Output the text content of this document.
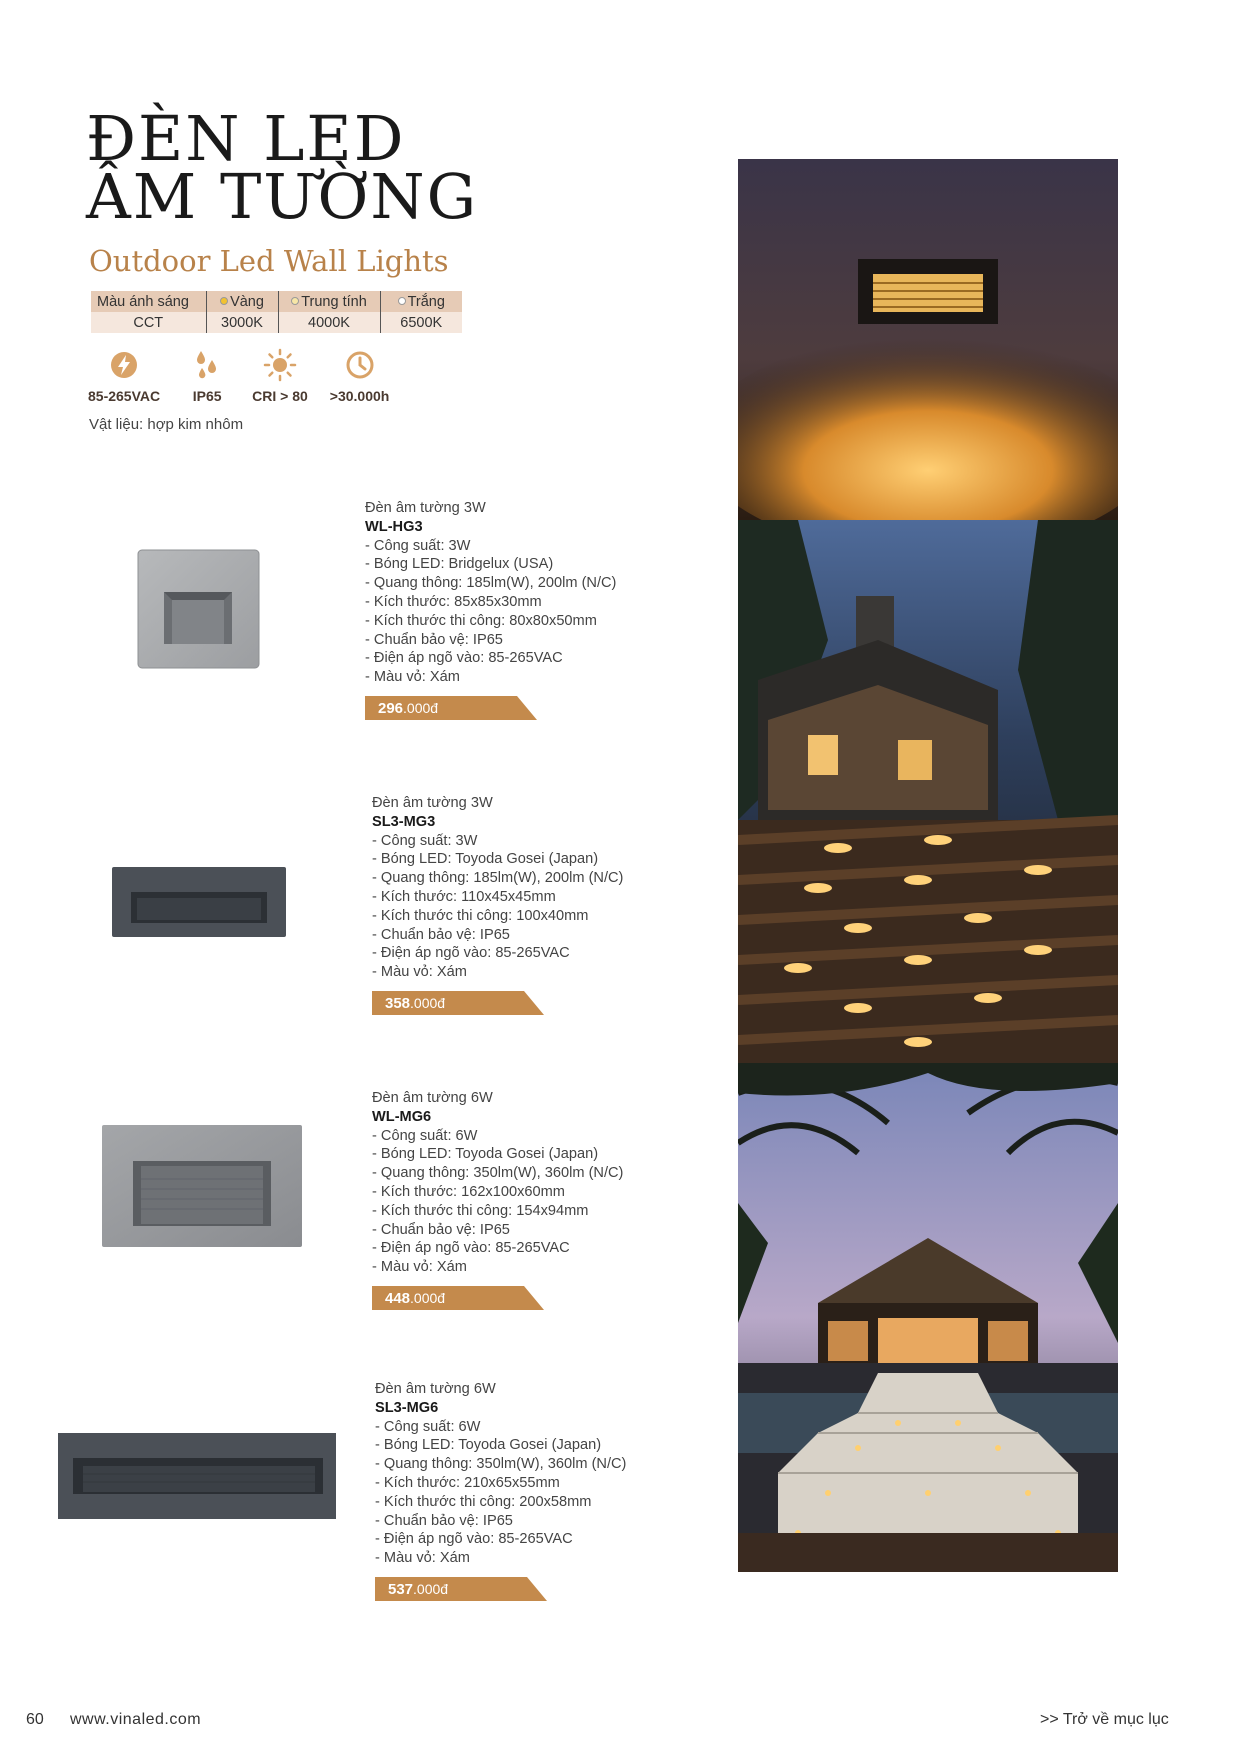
ĐÈN LED
ÂM TƯỜNG
Outdoor Led Wall Lights
Màu ánh sáng	Vàng	Trung tính	Trắng
CCT	3000K	4000K	6500K
85-265VAC IP65 CRI > 80 >30.000h
Vật liệu: hợp kim nhôm
Đèn âm tường 3W
WL-HG3
- Công suất: 3W
- Bóng LED: Bridgelux (USA)
- Quang thông: 185lm(W), 200lm (N/C)
- Kích thước: 85x85x30mm
- Kích thước thi công: 80x80x50mm
- Chuẩn bảo vệ: IP65
- Điện áp ngõ vào: 85-265VAC
- Màu vỏ: Xám
296.000đ
Đèn âm tường 3W
SL3-MG3
- Công suất: 3W
- Bóng LED: Toyoda Gosei (Japan)
- Quang thông: 185lm(W), 200lm (N/C)
- Kích thước: 110x45x45mm
- Kích thước thi công: 100x40mm
- Chuẩn bảo vệ: IP65
- Điện áp ngõ vào: 85-265VAC
- Màu vỏ: Xám
358.000đ
Đèn âm tường 6W
WL-MG6
- Công suất: 6W
- Bóng LED: Toyoda Gosei (Japan)
- Quang thông: 350lm(W), 360lm (N/C)
- Kích thước: 162x100x60mm
- Kích thước thi công: 154x94mm
- Chuẩn bảo vệ: IP65
- Điện áp ngõ vào: 85-265VAC
- Màu vỏ: Xám
448.000đ
Đèn âm tường 6W
SL3-MG6
- Công suất: 6W
- Bóng LED: Toyoda Gosei (Japan)
- Quang thông: 350lm(W), 360lm (N/C)
- Kích thước: 210x65x55mm
- Kích thước thi công: 200x58mm
- Chuẩn bảo vệ: IP65
- Điện áp ngõ vào: 85-265VAC
- Màu vỏ: Xám
537.000đ
60 www.vinaled.com	>> Trở về mục lục
